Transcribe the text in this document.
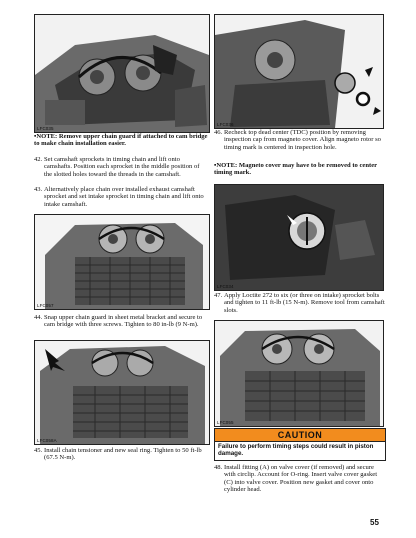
LFC035
LFC036
▪NOTE: Remove upper chain guard if attached to cam bridge to make chain installation easier.
42. Set camshaft sprockets in timing chain and lift onto camshafts. Position each sprocket in the middle position of the slotted holes toward the threads in the camshaft.
43. Alternatively place chain over installed exhaust camshaft sprocket and set intake sprocket in timing chain and lift onto intake camshaft.
LFC057
44. Snap upper chain guard in sheet metal bracket and secure to cam bridge with three screws. Tighten to 80 in-lb (9 N-m).
LFC058A
45. Install chain tensioner and new seal ring. Tighten to 50 ft-lb (67.5 N-m).
46. Recheck top dead center (TDC) position by removing inspection cap from magneto cover. Align magneto rotor so timing mark is centered in inspection hole.
▪NOTE: Magneto cover may have to be removed to center timing mark.
LFC034
47. Apply Loctite 272 to six (or three on intake) sprocket bolts and tighten to 11 ft-lb (15 N-m). Remove tool from camshaft slots.
LFC055
CAUTION
Failure to perform timing steps could result in piston damage.
48. Install fitting (A) on valve cover (if removed) and secure with circlip. Account for O-ring. Insert valve cover gasket (C) into valve cover. Position new gasket and cover onto cylinder head.
55
